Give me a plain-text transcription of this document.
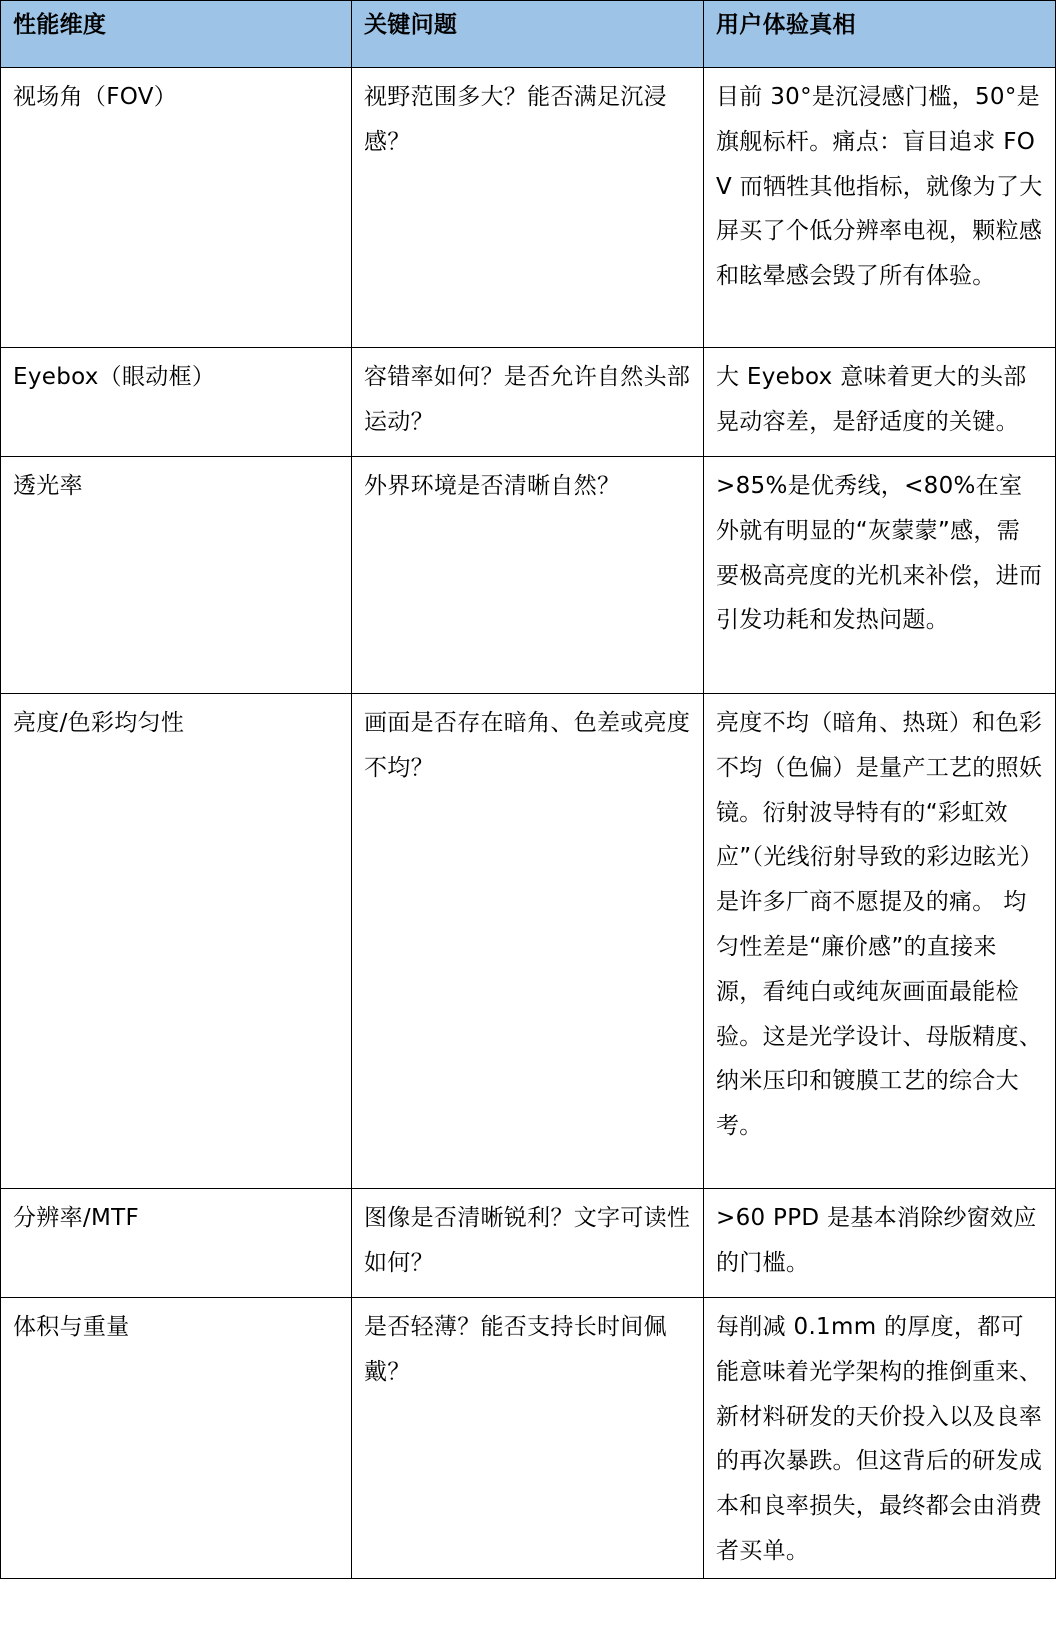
性能维度	关键问题	用户体验真相

视场角（FOV）	视野范围多大？能否满足沉浸感？	目前 30°是沉浸感门槛，50°是旗舰标杆。痛点：盲目追求 FOV 而牺牲其他指标，就像为了大屏买了个低分辨率电视，颗粒感和眩晕感会毁了所有体验。

Eyebox（眼动框）	容错率如何？是否允许自然头部运动？	大 Eyebox 意味着更大的头部晃动容差，是舒适度的关键。

透光率	外界环境是否清晰自然？	>85%是优秀线，<80%在室外就有明显的“灰蒙蒙”感，需要极高亮度的光机来补偿，进而引发功耗和发热问题。

亮度/色彩均匀性	画面是否存在暗角、色差或亮度不均？	亮度不均（暗角、热斑）和色彩不均（色偏）是量产工艺的照妖镜。衍射波导特有的“彩虹效应”（光线衍射导致的彩边眩光）是许多厂商不愿提及的痛。 均匀性差是“廉价感”的直接来源，看纯白或纯灰画面最能检验。这是光学设计、母版精度、纳米压印和镀膜工艺的综合大考。

分辨率/MTF	图像是否清晰锐利？文字可读性如何？	>60 PPD 是基本消除纱窗效应的门槛。

体积与重量	是否轻薄？能否支持长时间佩戴？	每削减 0.1mm 的厚度，都可能意味着光学架构的推倒重来、新材料研发的天价投入以及良率的再次暴跌。但这背后的研发成本和良率损失，最终都会由消费者买单。
